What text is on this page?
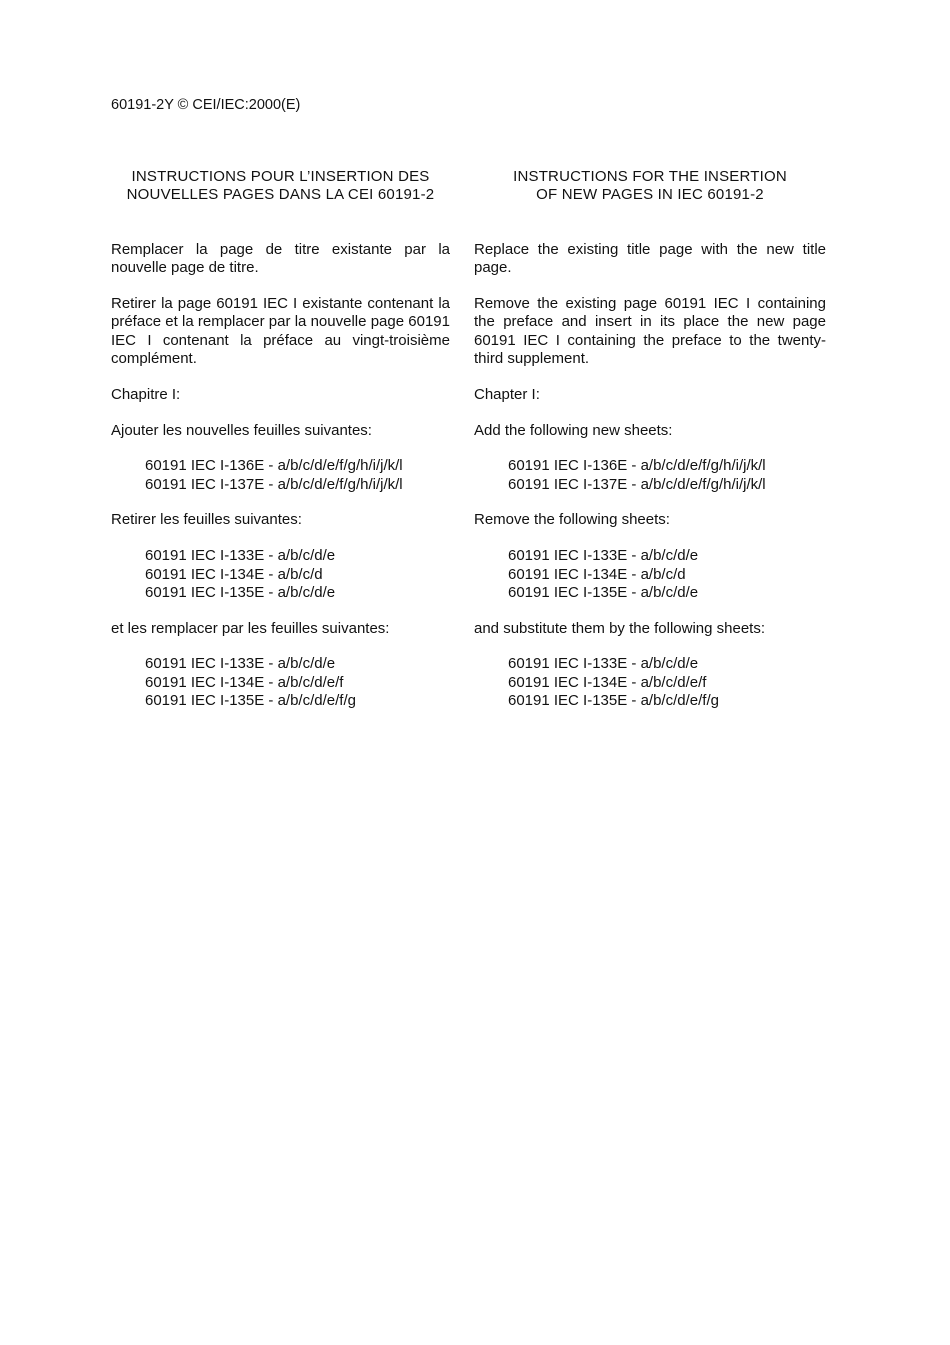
60191-2Y © CEI/IEC:2000(E)
INSTRUCTIONS POUR L’INSERTION DES
NOUVELLES PAGES DANS LA CEI 60191-2

Remplacer la page de titre existante par la nouvelle page de titre.

Retirer la page 60191 IEC I existante contenant la préface et la remplacer par la nouvelle page 60191 IEC I contenant la préface au vingt-troisième complément.

Chapitre I:

Ajouter les nouvelles feuilles suivantes:

60191 IEC I-136E - a/b/c/d/e/f/g/h/i/j/k/l
60191 IEC I-137E - a/b/c/d/e/f/g/h/i/j/k/l

Retirer les feuilles suivantes:

60191 IEC I-133E - a/b/c/d/e
60191 IEC I-134E - a/b/c/d
60191 IEC I-135E - a/b/c/d/e

et les remplacer par les feuilles suivantes:

60191 IEC I-133E - a/b/c/d/e
60191 IEC I-134E - a/b/c/d/e/f
60191 IEC I-135E - a/b/c/d/e/f/g
INSTRUCTIONS FOR THE INSERTION
OF NEW PAGES IN IEC 60191-2

Replace the existing title page with the new title page.

Remove the existing page 60191 IEC I containing the preface and insert in its place the new page 60191 IEC I containing the preface to the twenty-third supplement.

Chapter I:

Add the following new sheets:

60191 IEC I-136E - a/b/c/d/e/f/g/h/i/j/k/l
60191 IEC I-137E - a/b/c/d/e/f/g/h/i/j/k/l

Remove the following sheets:

60191 IEC I-133E - a/b/c/d/e
60191 IEC I-134E - a/b/c/d
60191 IEC I-135E - a/b/c/d/e

and substitute them by the following sheets:

60191 IEC I-133E - a/b/c/d/e
60191 IEC I-134E - a/b/c/d/e/f
60191 IEC I-135E - a/b/c/d/e/f/g
